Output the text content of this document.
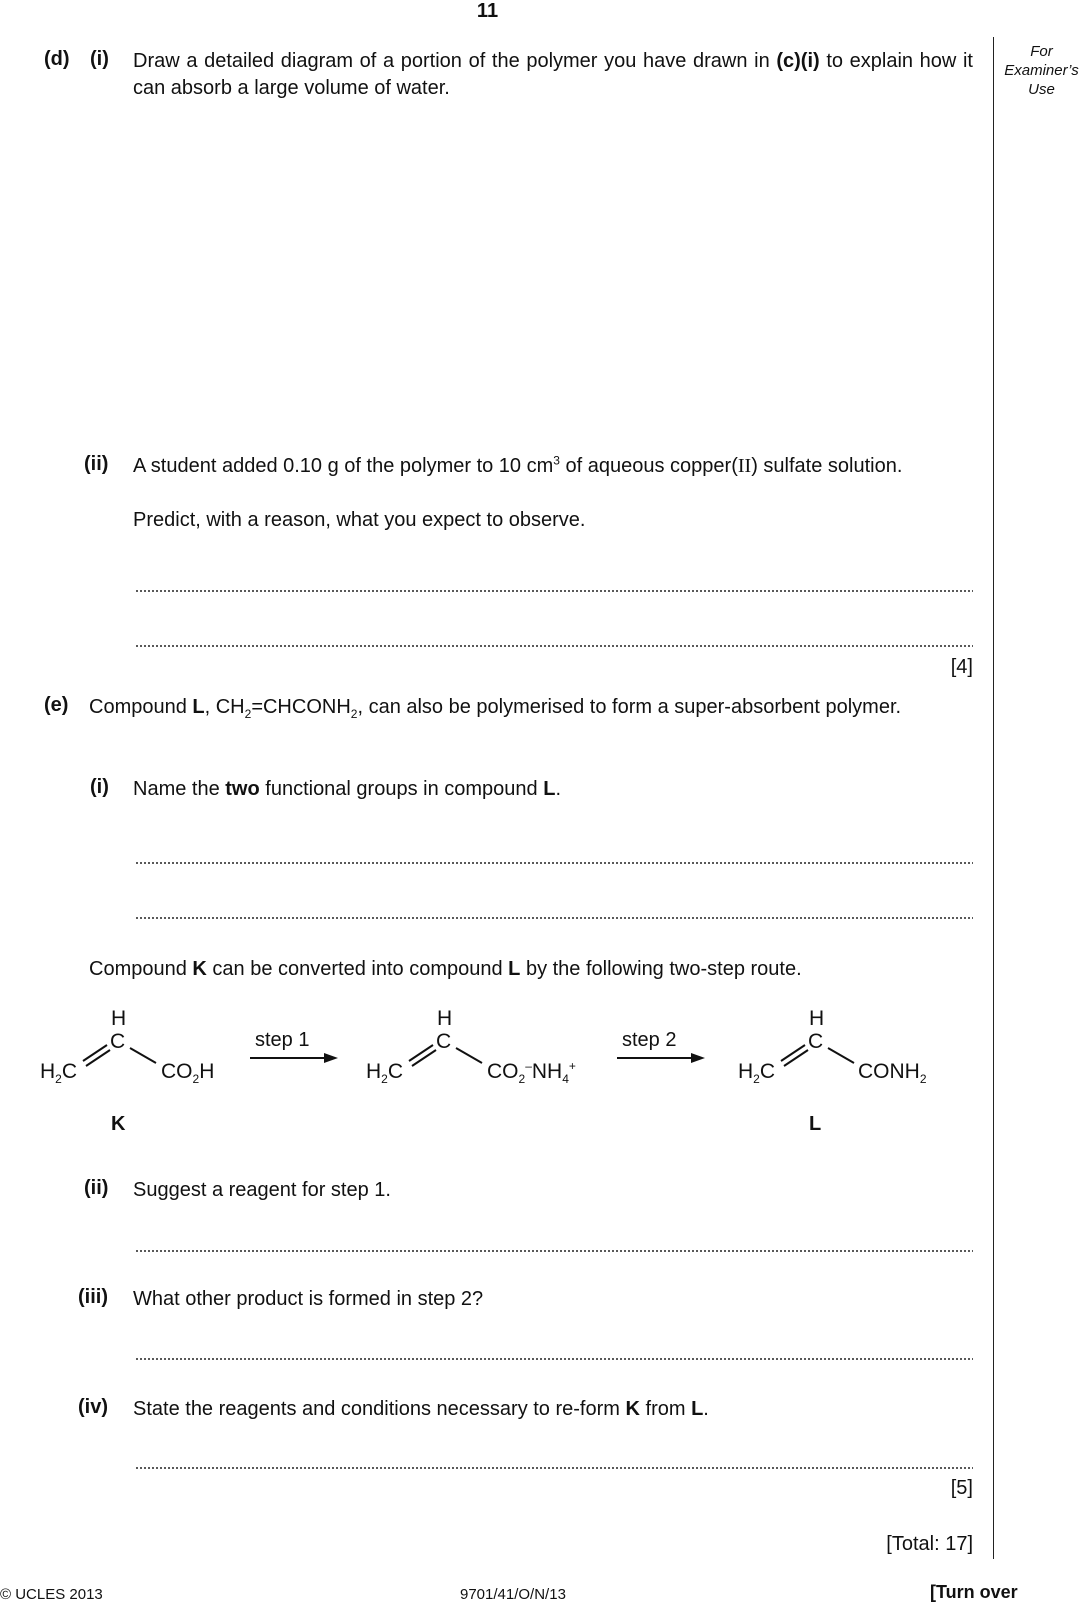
11
For
Examiner’s
Use
(d) (i) Draw a detailed diagram of a portion of the polymer you have drawn in (c)(i) to explain how it can absorb a large volume of water.
(ii) A student added 0.10 g of the polymer to 10 $cm^3$ of aqueous copper(II) sulfate solution.
Predict, with a reason, what you expect to observe.
[4]
(e) Compound L, $CH_2=CHCONH_2$, can also be polymerised to form a super-absorbent polymer.
(i) Name the two functional groups in compound L.
Compound K can be converted into compound L by the following two-step route.
H
C
$H_2C$	$CO_2H$
K
step 1
H
C
$H_2C$	$CO_2^-NH_4^+$
step 2
H
C
$H_2C$	$CONH_2$
L
(ii) Suggest a reagent for step 1.
(iii) What other product is formed in step 2?
(iv) State the reagents and conditions necessary to re-form K from L.
[5]
[Total: 17]
© UCLES 2013	9701/41/O/N/13	[Turn over
